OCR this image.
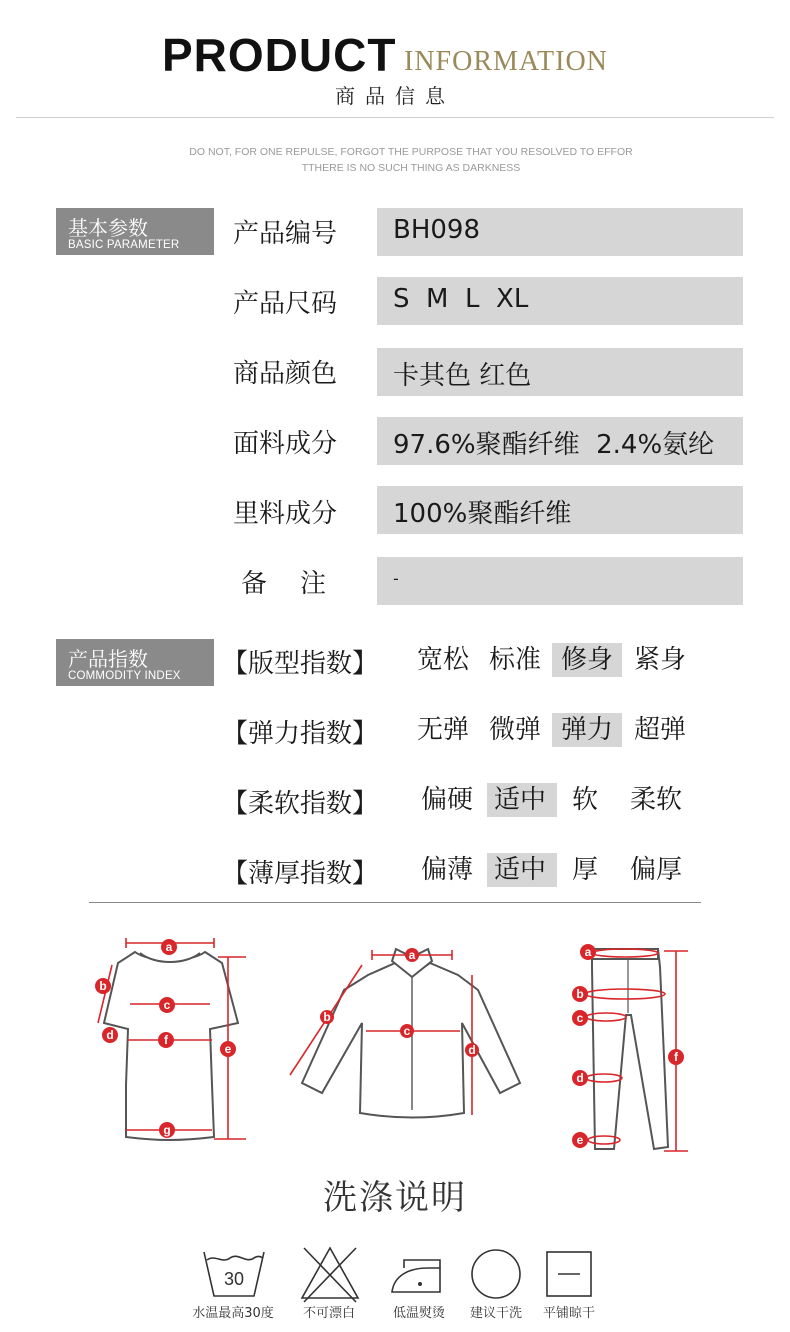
PRODUCT INFORMATION
商品信息
DO NOT, FOR ONE REPULSE, FORGOT THE PURPOSE THAT YOU RESOLVED TO EFFOR
TTHERE IS NO SUCH THING AS DARKNESS
基本参数
BASIC PARAMETER 产品编号 BH098
产品尺码 S  M  L  XL
商品颜色 卡其色 红色
面料成分 97.6%聚酯纤维  2.4%氨纶
里料成分 100%聚酯纤维
备    注	-
产品指数
COMMODITY INDEX 【版型指数】 宽松 标准 修身 紧身
【弹力指数】 无弹 微弹 弹力 超弹
【柔软指数】 偏硬 适中 软 柔软
【薄厚指数】 偏薄 适中 厚 偏厚
a
b
c
d	f
e
g
a
b
c
d
a
b
c
d
e
f
洗涤说明
30
水温最高30度	不可漂白	低温熨烫	建议干洗	平铺晾干
